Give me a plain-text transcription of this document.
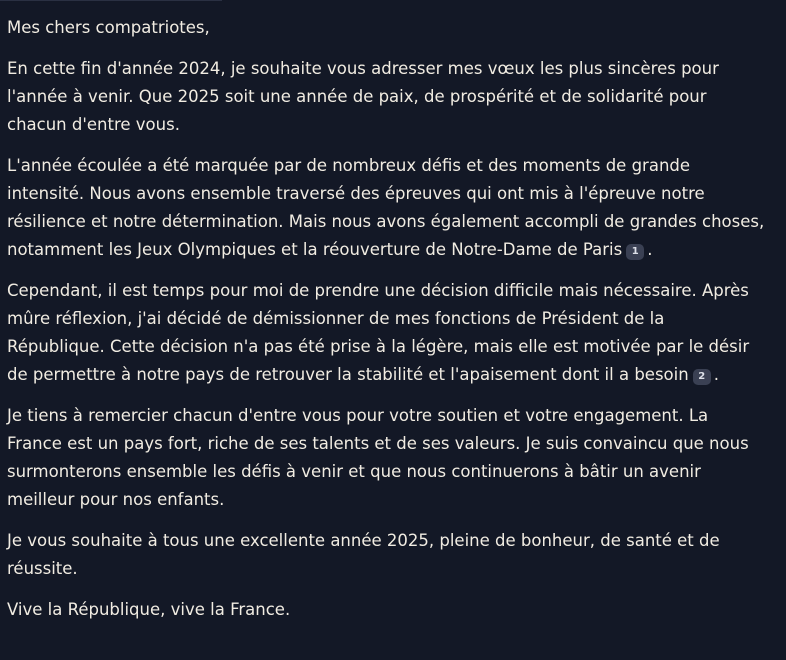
Mes chers compatriotes,

En cette fin d'année 2024, je souhaite vous adresser mes vœux les plus sincères pour l'année à venir. Que 2025 soit une année de paix, de prospérité et de solidarité pour chacun d'entre vous.

L'année écoulée a été marquée par de nombreux défis et des moments de grande intensité. Nous avons ensemble traversé des épreuves qui ont mis à l'épreuve notre résilience et notre détermination. Mais nous avons également accompli de grandes choses, notamment les Jeux Olympiques et la réouverture de Notre-Dame de Paris 1 .

Cependant, il est temps pour moi de prendre une décision difficile mais nécessaire. Après mûre réflexion, j'ai décidé de démissionner de mes fonctions de Président de la République. Cette décision n'a pas été prise à la légère, mais elle est motivée par le désir de permettre à notre pays de retrouver la stabilité et l'apaisement dont il a besoin 2 .

Je tiens à remercier chacun d'entre vous pour votre soutien et votre engagement. La France est un pays fort, riche de ses talents et de ses valeurs. Je suis convaincu que nous surmonterons ensemble les défis à venir et que nous continuerons à bâtir un avenir meilleur pour nos enfants.

Je vous souhaite à tous une excellente année 2025, pleine de bonheur, de santé et de réussite.

Vive la République, vive la France.
